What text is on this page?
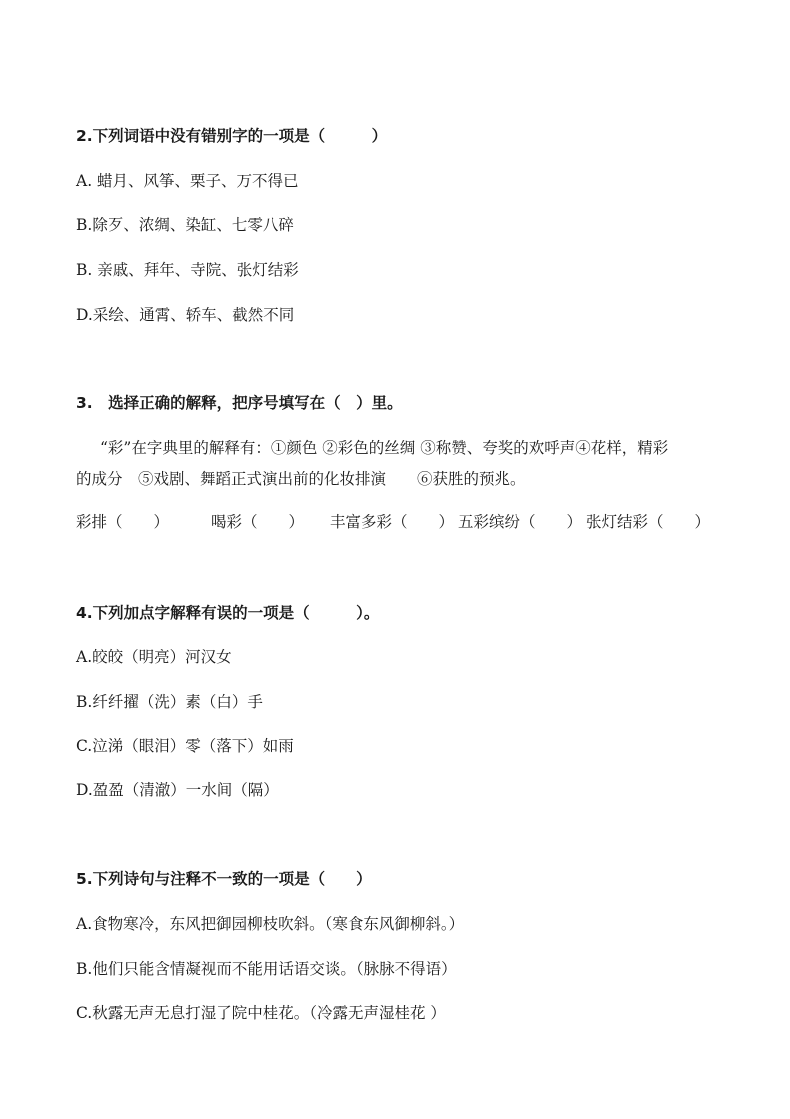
2.下列词语中没有错别字的一项是（　　　）
A. 蜡月、风筝、栗子、万不得已
B.除歹、浓绸、染缸、七零八碎
B. 亲戚、拜年、寺院、张灯结彩
D.采绘、通霄、轿车、截然不同
3.　选择正确的解释，把序号填写在（　）里。
“彩”在字典里的解释有：①颜色 ②彩色的丝绸 ③称赞、夸奖的欢呼声④花样，精彩
的成分　⑤戏剧、舞蹈正式演出前的化妆排演　　⑥获胜的预兆。
彩排（　　）	喝彩（　　） 丰富多彩（　　） 五彩缤纷（　　） 张灯结彩（　　）
4.下列加点字解释有误的一项是（　　　）。
A.皎皎（明亮）河汉女
B.纤纤擢（洗）素（白）手
C.泣涕（眼泪）零（落下）如雨
D.盈盈（清澈）一水间（隔）
5.下列诗句与注释不一致的一项是（　　）
A.食物寒冷，东风把御园柳枝吹斜。（寒食东风御柳斜。）
B.他们只能含情凝视而不能用话语交谈。（脉脉不得语）
C.秋露无声无息打湿了院中桂花。（冷露无声湿桂花 ）
